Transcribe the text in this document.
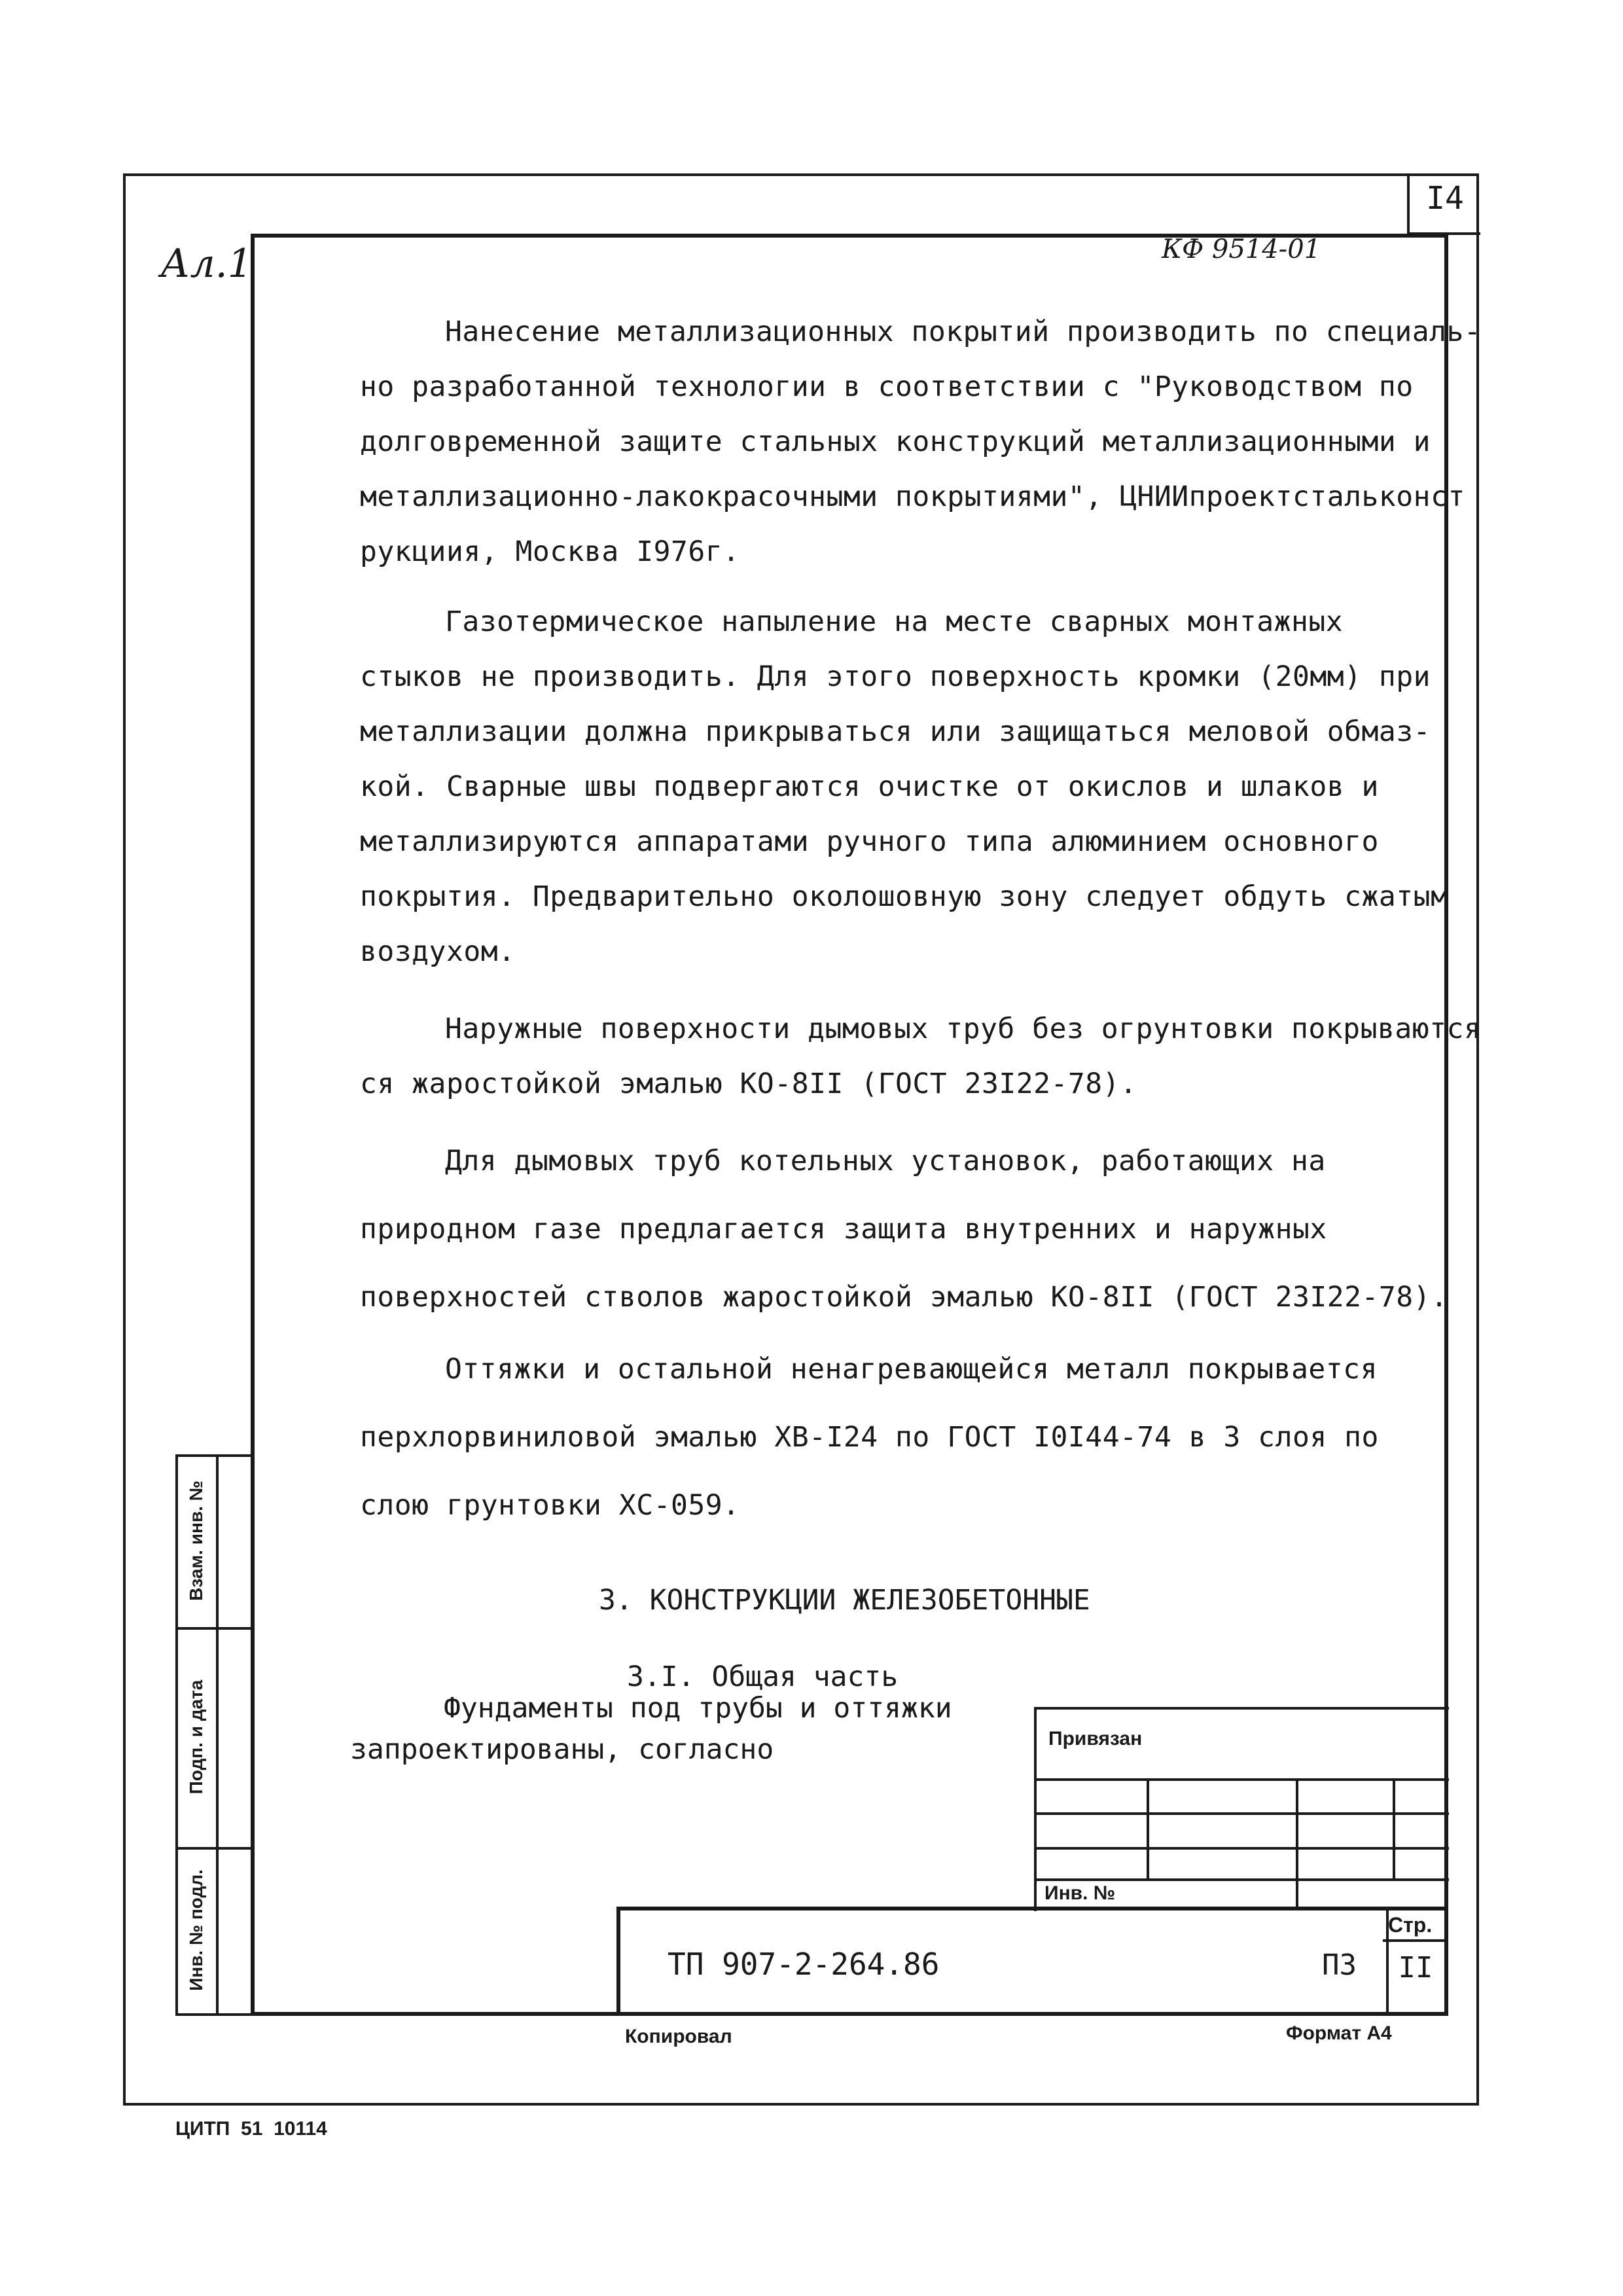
I4
Ал.1	КФ 9514-01
Нанесение металлизационных покрытий производить по специаль-
но разработанной технологии в соответствии с "Руководством по
долговременной защите стальных конструкций металлизационными и
металлизационно-лакокрасочными покрытиями", ЦНИИпроектстальконст
рукциия, Москва I976г.
Газотермическое напыление на месте сварных монтажных
стыков не производить. Для этого поверхность кромки (20мм) при
металлизации должна прикрываться или защищаться меловой обмаз-
кой. Сварные швы подвергаются очистке от окислов и шлаков и
металлизируются аппаратами ручного типа алюминием основного
покрытия. Предварительно околошовную зону следует обдуть сжатым
воздухом.
Наружные поверхности дымовых труб без огрунтовки покрываются
ся жаростойкой эмалью КО-8II (ГОСТ 23I22-78).
Для дымовых труб котельных установок, работающих на
природном газе предлагается защита внутренних и наружных
поверхностей стволов жаростойкой эмалью КО-8II (ГОСТ 23I22-78).
Оттяжки и остальной ненагревающейся металл покрывается
перхлорвиниловой эмалью ХВ-I24 по ГОСТ I0I44-74 в 3 слоя по
слою грунтовки ХС-059.
3. КОНСТРУКЦИИ ЖЕЛЕЗОБЕТОННЫЕ
3.I. Общая часть
Фундаменты под трубы и оттяжки
запроектированы, согласно	Привязан
Инв. №
ТП 907-2-264.86	ПЗ
Стр.
II
Взам. инв. №
Подп. и дата
Инв. № подл.
Копировал	Формат А4
ЦИТП  51  10114
